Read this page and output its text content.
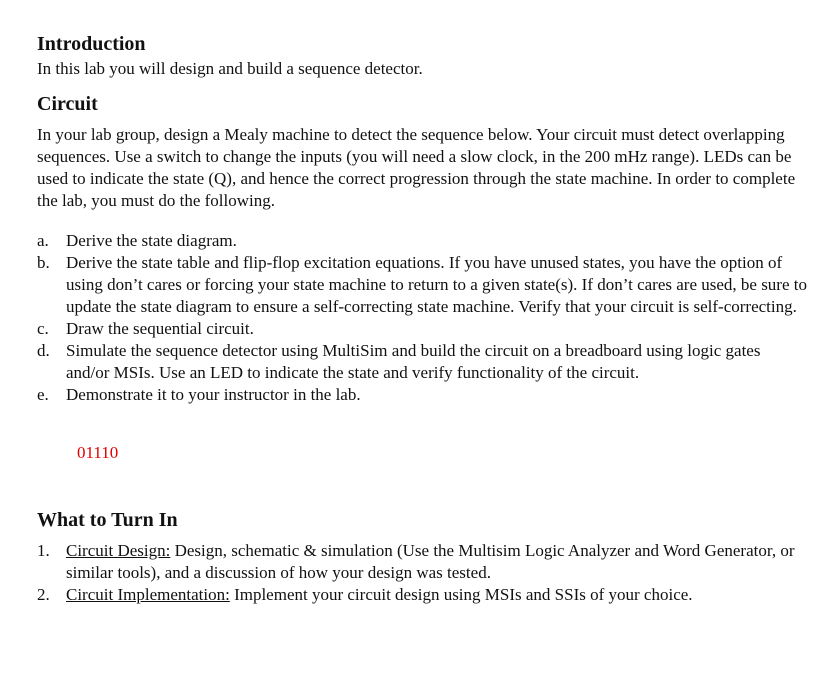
Introduction

In this lab you will design and build a sequence detector.

Circuit

In your lab group, design a Mealy machine to detect the sequence below. Your circuit must detect overlapping sequences. Use a switch to change the inputs (you will need a slow clock, in the 200 mHz range). LEDs can be used to indicate the state (Q), and hence the correct progression through the state machine. In order to complete the lab, you must do the following.

a. Derive the state diagram.
b. Derive the state table and flip-flop excitation equations. If you have unused states, you have the option of using don’t cares or forcing your state machine to return to a given state(s). If don’t cares are used, be sure to update the state diagram to ensure a self-correcting state machine. Verify that your circuit is self-correcting.
c. Draw the sequential circuit.
d. Simulate the sequence detector using MultiSim and build the circuit on a breadboard using logic gates and/or MSIs. Use an LED to indicate the state and verify functionality of the circuit.
e. Demonstrate it to your instructor in the lab.

01110

What to Turn In
1. Circuit Design: Design, schematic & simulation (Use the Multisim Logic Analyzer and Word Generator, or similar tools), and a discussion of how your design was tested.
2. Circuit Implementation: Implement your circuit design using MSIs and SSIs of your choice.
